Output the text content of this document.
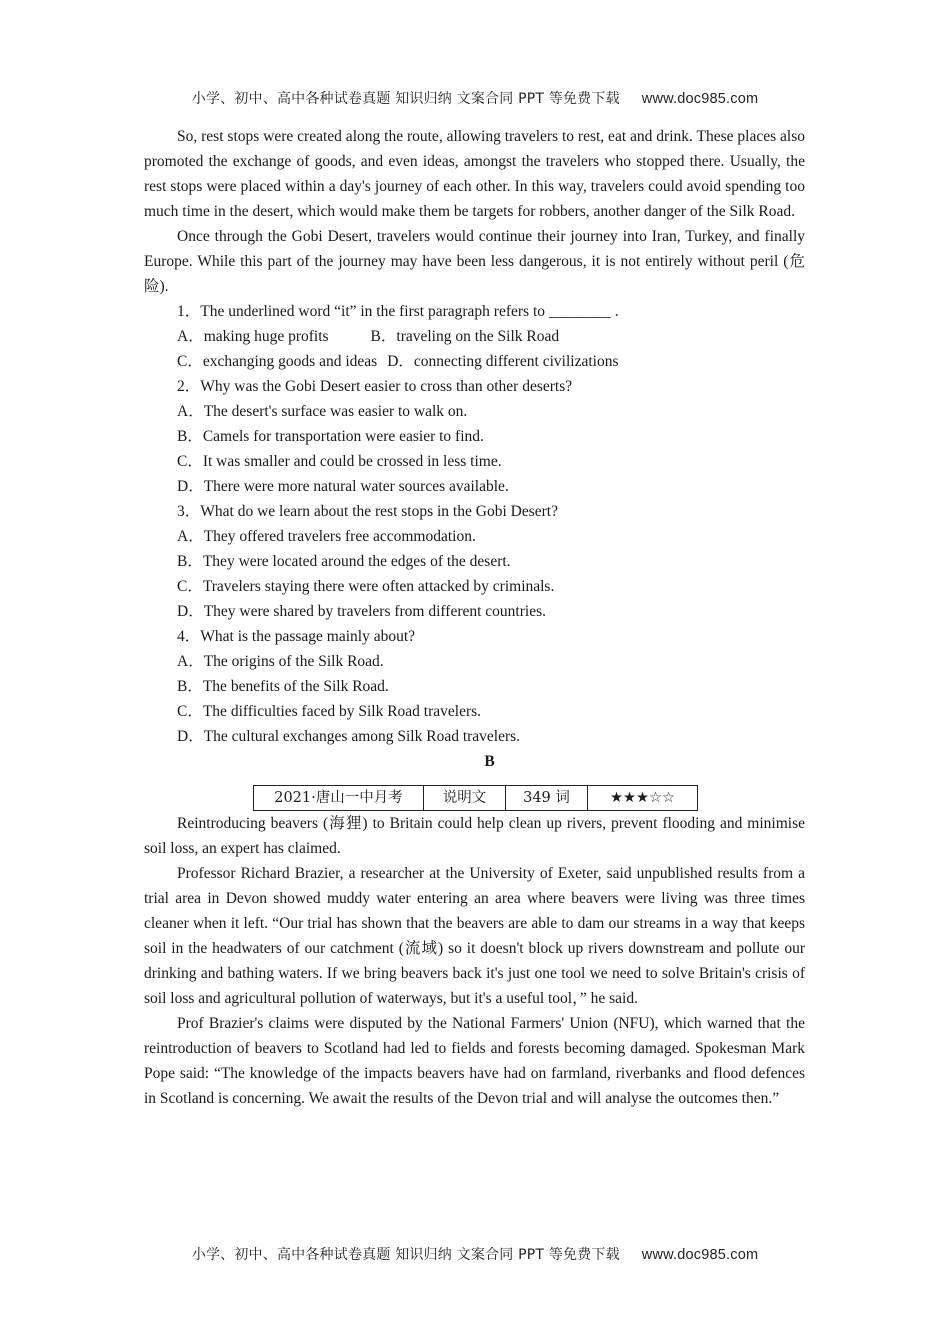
小学、初中、高中各种试卷真题 知识归纳 文案合同 PPT 等免费下载 www.doc985.com

So, rest stops were created along the route, allowing travelers to rest, eat and drink. These places also promoted the exchange of goods, and even ideas, amongst the travelers who stopped there. Usually, the rest stops were placed within a day's journey of each other. In this way, travelers could avoid spending too much time in the desert, which would make them be targets for robbers, another danger of the Silk Road.

Once through the Gobi Desert, travelers would continue their journey into Iran, Turkey, and finally Europe. While this part of the journey may have been less dangerous, it is not entirely without peril (危险).

1．The underlined word “it” in the first paragraph refers to ________ .

A．making huge profits	B．traveling on the Silk Road

C．exchanging goods and ideas D．connecting different civilizations

2．Why was the Gobi Desert easier to cross than other deserts?

A．The desert's surface was easier to walk on.

B．Camels for transportation were easier to find.

C．It was smaller and could be crossed in less time.

D．There were more natural water sources available.

3．What do we learn about the rest stops in the Gobi Desert?

A．They offered travelers free accommodation.

B．They were located around the edges of the desert.

C．Travelers staying there were often attacked by criminals.

D．They were shared by travelers from different countries.

4．What is the passage mainly about?

A．The origins of the Silk Road.

B．The benefits of the Silk Road.

C．The difficulties faced by Silk Road travelers.

D．The cultural exchanges among Silk Road travelers.

B

2021·唐山一中月考	说明文	349 词	★★★☆☆

Reintroducing beavers (海狸) to Britain could help clean up rivers, prevent flooding and minimise soil loss, an expert has claimed.

Professor Richard Brazier, a researcher at the University of Exeter, said unpublished results from a trial area in Devon showed muddy water entering an area where beavers were living was three times cleaner when it left. “Our trial has shown that the beavers are able to dam our streams in a way that keeps soil in the headwaters of our catchment (流域) so it doesn't block up rivers downstream and pollute our drinking and bathing waters. If we bring beavers back it's just one tool we need to solve Britain's crisis of soil loss and agricultural pollution of waterways, but it's a useful tool，” he said.

Prof Brazier's claims were disputed by the National Farmers' Union (NFU), which warned that the reintroduction of beavers to Scotland had led to fields and forests becoming damaged. Spokesman Mark Pope said: “The knowledge of the impacts beavers have had on farmland, riverbanks and flood defences in Scotland is concerning. We await the results of the Devon trial and will analyse the outcomes then.”

小学、初中、高中各种试卷真题 知识归纳 文案合同 PPT 等免费下载 www.doc985.com
